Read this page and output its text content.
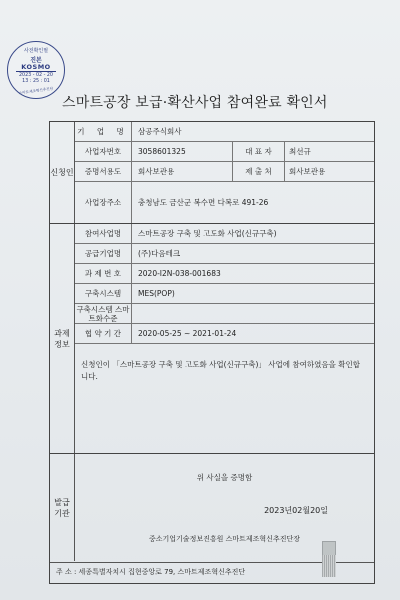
사전확인필
진본
KOSMO
2023 - 02 - 20
13 : 25 : 01
스마트제조혁신추진단
스마트공장 보급·확산사업 참여완료 확인서
신청인
기 업 명	삼공주식회사
사업자번호	3058601325	대 표 자	최선규
증명서용도	회사보관용	제 출 처	회사보관용
사업장주소	충청남도 금산군 복수면 다복로 491-26
과제 정보
참여사업명	스마트공장 구축 및 고도화 사업(신규구축)
공급기업명	(주)다음테크
과 제 번 호	2020-I2N-038-001683
구축시스템	MES(POP)
구축시스템 스마트화수준
협 약 기 간	2020-05-25 ~ 2021-01-24
신청인이 「스마트공장 구축 및 고도화 사업(신규구축)」 사업에 참여하였음을 확인합니다.
발급 기관
위 사실을 증명함
2023년02월20일
중소기업기술정보진흥원 스마트제조혁신추진단장
주 소 : 세종특별자치시 집현중앙로 79, 스마트제조혁신추진단
